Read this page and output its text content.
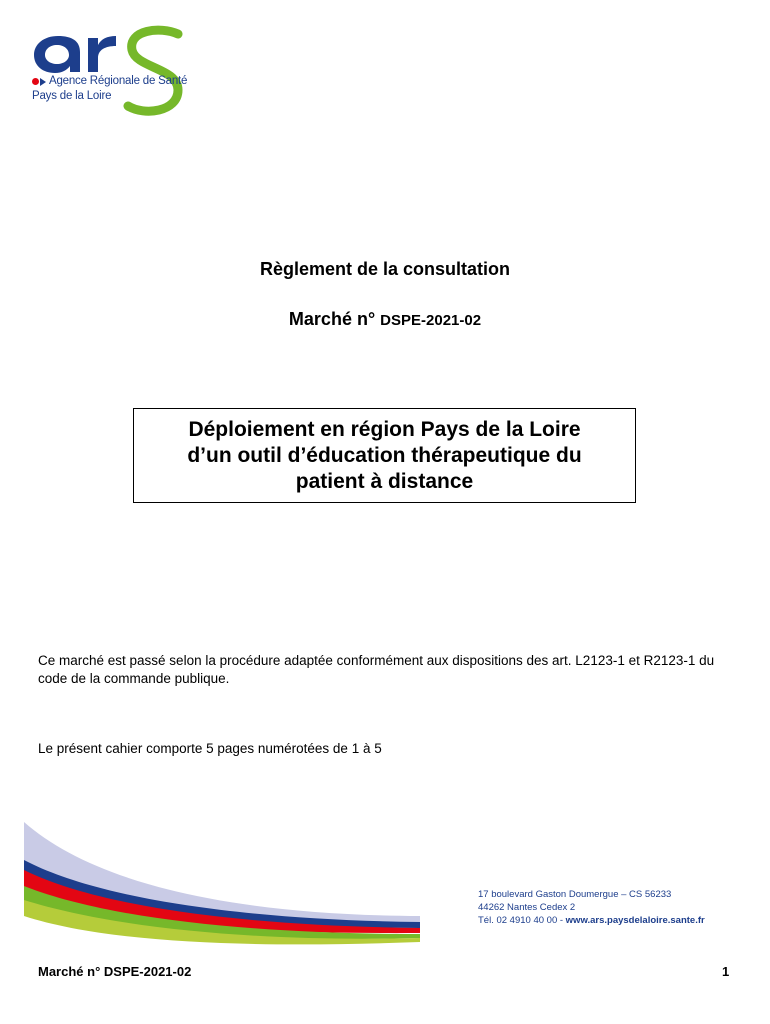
Agence Régionale de Santé
Pays de la Loire
Règlement de la consultation
Marché n° DSPE-2021-02
Déploiement en région Pays de la Loire
d’un outil d’éducation thérapeutique du
patient à distance
Ce marché est passé selon la procédure adaptée conformément aux dispositions des art. L2123-1 et R2123-1 du code de la commande publique.
Le présent cahier comporte 5 pages numérotées de 1 à 5
17 boulevard Gaston Doumergue – CS 56233
44262 Nantes Cedex 2
Tél. 02 4910 40 00 - www.ars.paysdelaloire.sante.fr
Marché n° DSPE-2021-02	1
